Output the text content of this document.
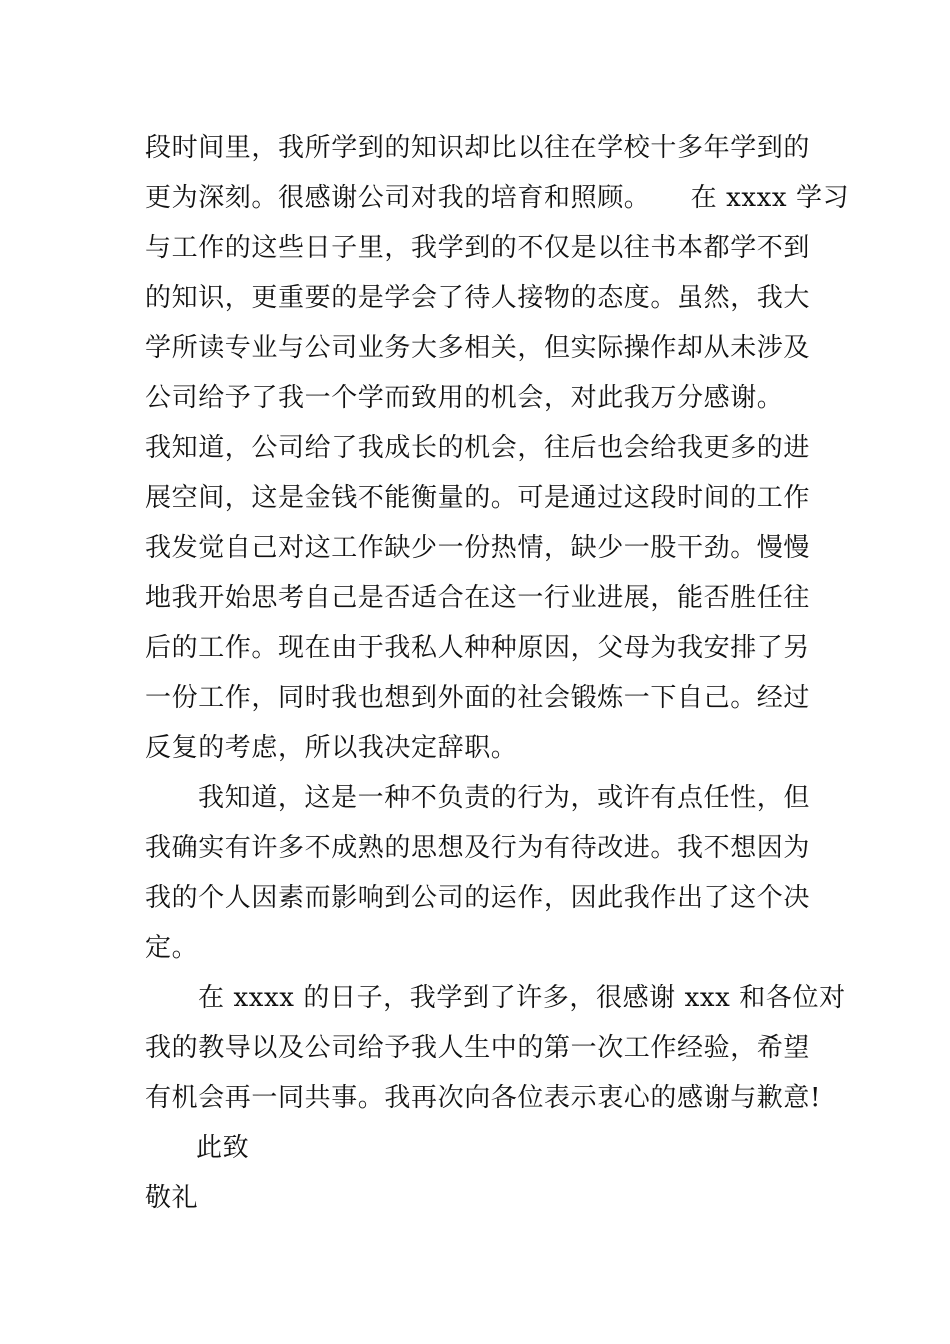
段时间里，我所学到的知识却比以往在学校十多年学到的
更为深刻。很感谢公司对我的培育和照顾。　　在 xxxx 学习
与工作的这些日子里，我学到的不仅是以往书本都学不到
的知识，更重要的是学会了待人接物的态度。虽然，我大
学所读专业与公司业务大多相关，但实际操作却从未涉及
公司给予了我一个学而致用的机会，对此我万分感谢。
我知道，公司给了我成长的机会，往后也会给我更多的进
展空间，这是金钱不能衡量的。可是通过这段时间的工作
我发觉自己对这工作缺少一份热情，缺少一股干劲。慢慢
地我开始思考自己是否适合在这一行业进展，能否胜任往
后的工作。现在由于我私人种种原因，父母为我安排了另
一份工作，同时我也想到外面的社会锻炼一下自己。经过
反复的考虑，所以我决定辞职。
我知道，这是一种不负责的行为，或许有点任性，但
我确实有许多不成熟的思想及行为有待改进。我不想因为
我的个人因素而影响到公司的运作，因此我作出了这个决
定。
在 xxxx 的日子，我学到了许多，很感谢 xxx 和各位对
我的教导以及公司给予我人生中的第一次工作经验，希望
有机会再一同共事。我再次向各位表示衷心的感谢与歉意!
此致
敬礼
